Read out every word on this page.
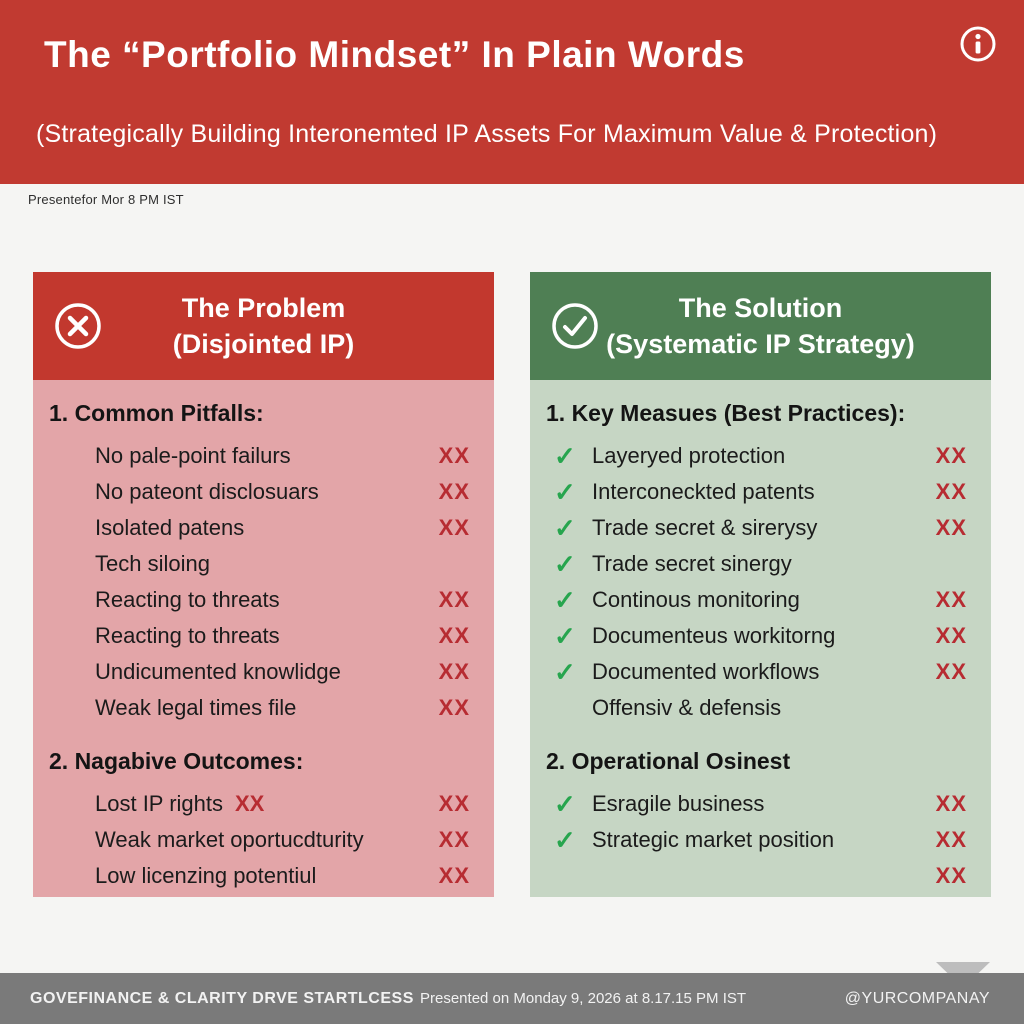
The “Portfolio Mindset” In Plain Words
(Strategically Building Interonemted IP Assets For Maximum Value & Protection)
Presentefor Mor 8 PM IST
The Problem
(Disjointed IP)
1. Common Pitfalls:
No pale-point failurs	XX
No pateont disclosuars	XX
Isolated patens	XX
Tech siloing
Reacting to threats	XX
Reacting to threats	XX
Undicumented knowlidge	XX
Weak legal times file	XX
2. Nagabive Outcomes:
Lost IP rights XX	XX
Weak market oportucdturity	XX
Low licenzing potentiul	XX
The Solution
(Systematic IP Strategy)
1. Key Measues (Best Practices):
✓ Layeryed protection	XX
✓ Interconeckted patents	XX
✓ Trade secret & sirerysy	XX
✓ Trade secret sinergy
✓ Continous monitoring	XX
✓ Documenteus workitorng	XX
✓ Documented workflows	XX
Offensiv & defensis
2. Operational Osinest
✓ Esragile business	XX
✓ Strategic market position	XX
XX
GOVEFINANCE & CLARITY DRVE STARTLCESS Presented on Monday 9, 2026 at 8.17.15 PM IST	@YURCOMPANAY
